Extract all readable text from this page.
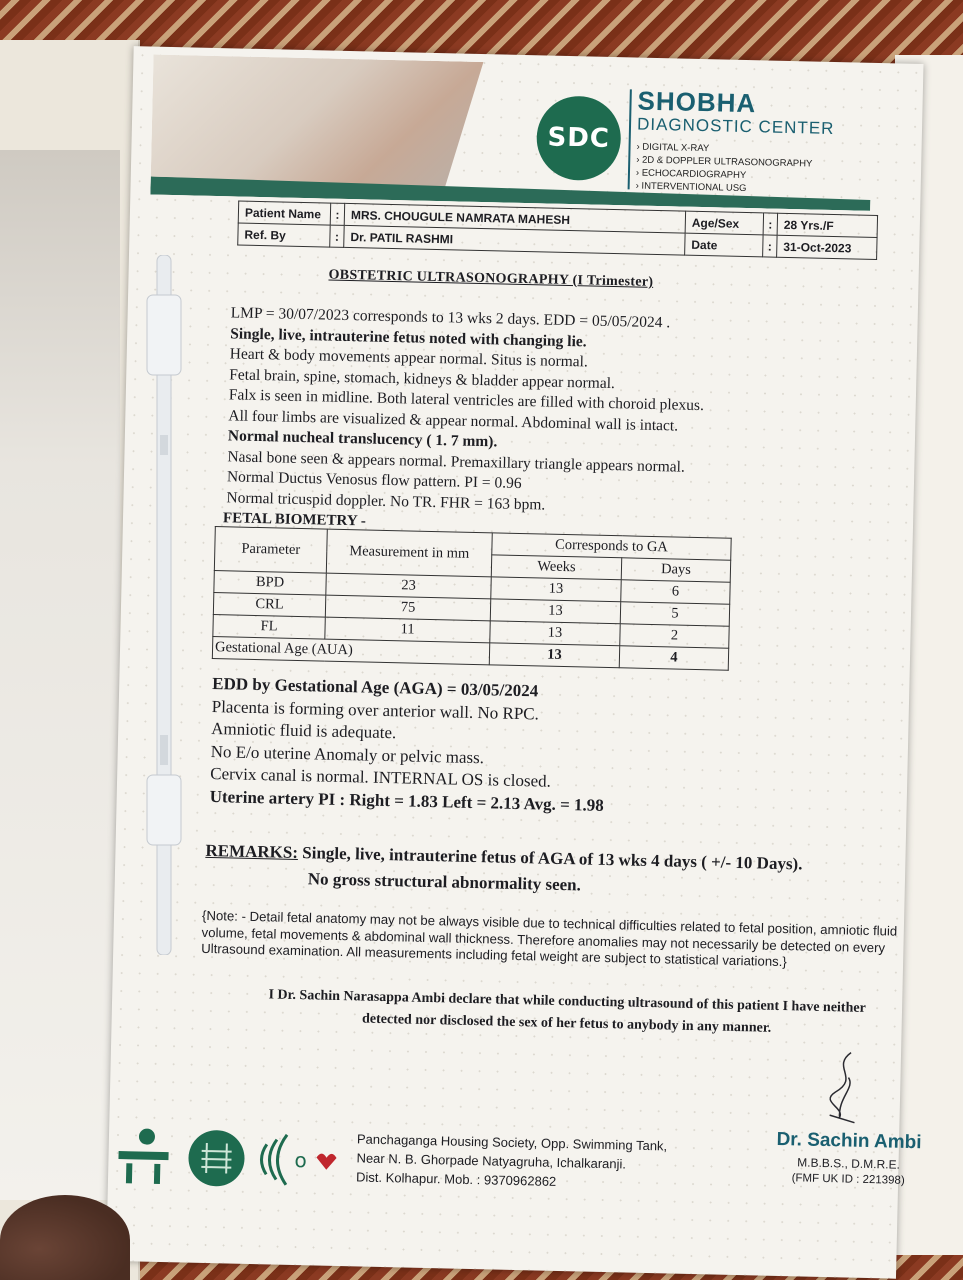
SDC
SHOBHA
DIAGNOSTIC CENTER
› DIGITAL X-RAY
› 2D & DOPPLER ULTRASONOGRAPHY
› ECHOCARDIOGRAPHY
› INTERVENTIONAL USG
Patient Name	:	MRS. CHOUGULE NAMRATA MAHESH	Age/Sex	:	28 Yrs./F
Ref. By	:	Dr. PATIL RASHMI	Date	:	31-Oct-2023
OBSTETRIC ULTRASONOGRAPHY (I Trimester)
LMP = 30/07/2023 corresponds to 13 wks 2 days. EDD = 05/05/2024 .
Single, live, intrauterine fetus noted with changing lie.
Heart & body movements appear normal. Situs is normal.
Fetal brain, spine, stomach, kidneys & bladder appear normal.
Falx is seen in midline. Both lateral ventricles are filled with choroid plexus.
All four limbs are visualized & appear normal. Abdominal wall is intact.
Normal nucheal translucency ( 1. 7 mm).
Nasal bone seen & appears normal. Premaxillary triangle appears normal.
Normal Ductus Venosus flow pattern. PI = 0.96
Normal tricuspid doppler. No TR. FHR = 163 bpm.
FETAL BIOMETRY -
Parameter	Measurement in mm	Corresponds to GA	
		Weeks	Days
BPD	23	13	6
CRL	75	13	5
FL	11	13	2
Gestational Age (AUA)		13	4
EDD by Gestational Age (AGA) = 03/05/2024
Placenta is forming over anterior wall. No RPC.
Amniotic fluid is adequate.
No E/o uterine Anomaly or pelvic mass.
Cervix canal is normal. INTERNAL OS is closed.
Uterine artery PI : Right = 1.83 Left = 2.13 Avg. = 1.98
REMARKS: Single, live, intrauterine fetus of AGA of 13 wks 4 days ( +/- 10 Days).
No gross structural abnormality seen.
{Note: - Detail fetal anatomy may not be always visible due to technical difficulties related to fetal position, amniotic fluid volume, fetal movements & abdominal wall thickness. Therefore anomalies may not necessarily be detected on every Ultrasound examination. All measurements including fetal weight are subject to statistical variations.}
I Dr. Sachin Narasappa Ambi declare that while conducting ultrasound of this patient I have neither detected nor disclosed the sex of her fetus to anybody in any manner.
o
Panchaganga Housing Society, Opp. Swimming Tank,
Near N. B. Ghorpade Natyagruha, Ichalkaranji.
Dist. Kolhapur. Mob. : 9370962862
Dr. Sachin Ambi
M.B.B.S., D.M.R.E.
(FMF UK ID : 221398)
